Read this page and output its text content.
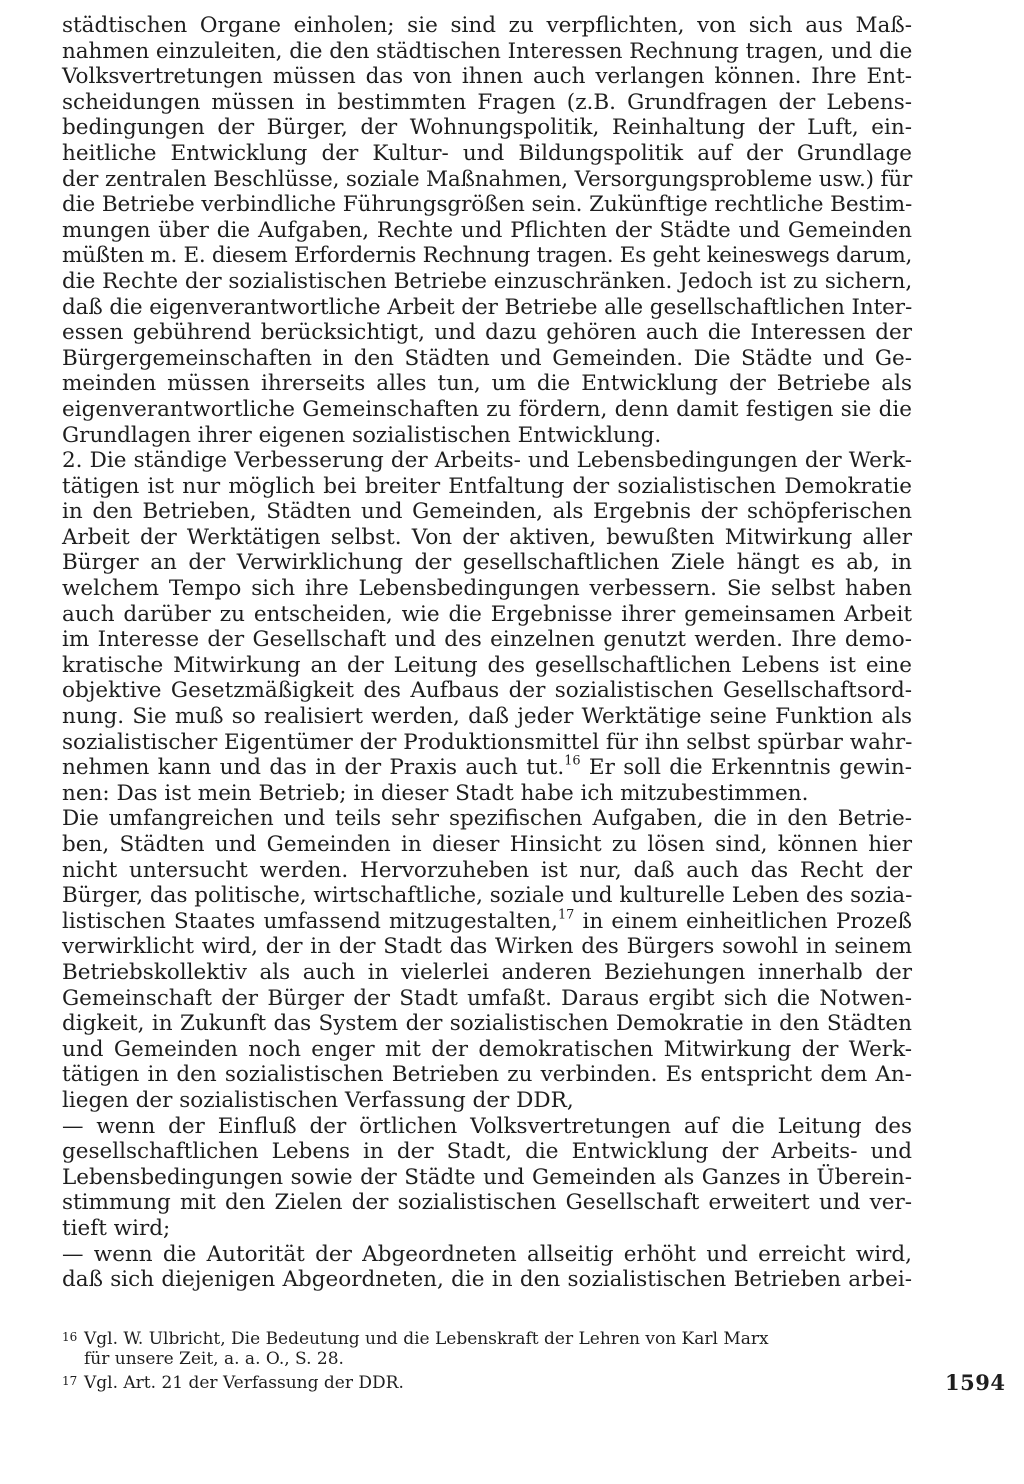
städtischen Organe einholen; sie sind zu verpflichten, von sich aus Maß-
nahmen einzuleiten, die den städtischen Interessen Rechnung tragen, und die
Volksvertretungen müssen das von ihnen auch verlangen können. Ihre Ent-
scheidungen müssen in bestimmten Fragen (z.B. Grundfragen der Lebens-
bedingungen der Bürger, der Wohnungspolitik, Reinhaltung der Luft, ein-
heitliche Entwicklung der Kultur- und Bildungspolitik auf der Grundlage
der zentralen Beschlüsse, soziale Maßnahmen, Versorgungsprobleme usw.) für
die Betriebe verbindliche Führungsgrößen sein. Zukünftige rechtliche Bestim-
mungen über die Aufgaben, Rechte und Pflichten der Städte und Gemeinden
müßten m. E. diesem Erfordernis Rechnung tragen. Es geht keineswegs darum,
die Rechte der sozialistischen Betriebe einzuschränken. Jedoch ist zu sichern,
daß die eigenverantwortliche Arbeit der Betriebe alle gesellschaftlichen Inter-
essen gebührend berücksichtigt, und dazu gehören auch die Interessen der
Bürgergemeinschaften in den Städten und Gemeinden. Die Städte und Ge-
meinden müssen ihrerseits alles tun, um die Entwicklung der Betriebe als
eigenverantwortliche Gemeinschaften zu fördern, denn damit festigen sie die
Grundlagen ihrer eigenen sozialistischen Entwicklung.
2. Die ständige Verbesserung der Arbeits- und Lebensbedingungen der Werk-
tätigen ist nur möglich bei breiter Entfaltung der sozialistischen Demokratie
in den Betrieben, Städten und Gemeinden, als Ergebnis der schöpferischen
Arbeit der Werktätigen selbst. Von der aktiven, bewußten Mitwirkung aller
Bürger an der Verwirklichung der gesellschaftlichen Ziele hängt es ab, in
welchem Tempo sich ihre Lebensbedingungen verbessern. Sie selbst haben
auch darüber zu entscheiden, wie die Ergebnisse ihrer gemeinsamen Arbeit
im Interesse der Gesellschaft und des einzelnen genutzt werden. Ihre demo-
kratische Mitwirkung an der Leitung des gesellschaftlichen Lebens ist eine
objektive Gesetzmäßigkeit des Aufbaus der sozialistischen Gesellschaftsord-
nung. Sie muß so realisiert werden, daß jeder Werktätige seine Funktion als
sozialistischer Eigentümer der Produktionsmittel für ihn selbst spürbar wahr-
nehmen kann und das in der Praxis auch tut.$^{16}$ Er soll die Erkenntnis gewin-
nen: Das ist mein Betrieb; in dieser Stadt habe ich mitzubestimmen.
Die umfangreichen und teils sehr spezifischen Aufgaben, die in den Betrie-
ben, Städten und Gemeinden in dieser Hinsicht zu lösen sind, können hier
nicht untersucht werden. Hervorzuheben ist nur, daß auch das Recht der
Bürger, das politische, wirtschaftliche, soziale und kulturelle Leben des sozia-
listischen Staates umfassend mitzugestalten,$^{17}$ in einem einheitlichen Prozeß
verwirklicht wird, der in der Stadt das Wirken des Bürgers sowohl in seinem
Betriebskollektiv als auch in vielerlei anderen Beziehungen innerhalb der
Gemeinschaft der Bürger der Stadt umfaßt. Daraus ergibt sich die Notwen-
digkeit, in Zukunft das System der sozialistischen Demokratie in den Städten
und Gemeinden noch enger mit der demokratischen Mitwirkung der Werk-
tätigen in den sozialistischen Betrieben zu verbinden. Es entspricht dem An-
liegen der sozialistischen Verfassung der DDR,
— wenn der Einfluß der örtlichen Volksvertretungen auf die Leitung des
gesellschaftlichen Lebens in der Stadt, die Entwicklung der Arbeits- und
Lebensbedingungen sowie der Städte und Gemeinden als Ganzes in Überein-
stimmung mit den Zielen der sozialistischen Gesellschaft erweitert und ver-
tieft wird;
— wenn die Autorität der Abgeordneten allseitig erhöht und erreicht wird,
daß sich diejenigen Abgeordneten, die in den sozialistischen Betrieben arbei-
16 Vgl. W. Ulbricht, Die Bedeutung und die Lebenskraft der Lehren von Karl Marx
für unsere Zeit, a. a. O., S. 28.
17 Vgl. Art. 21 der Verfassung der DDR.	1594
